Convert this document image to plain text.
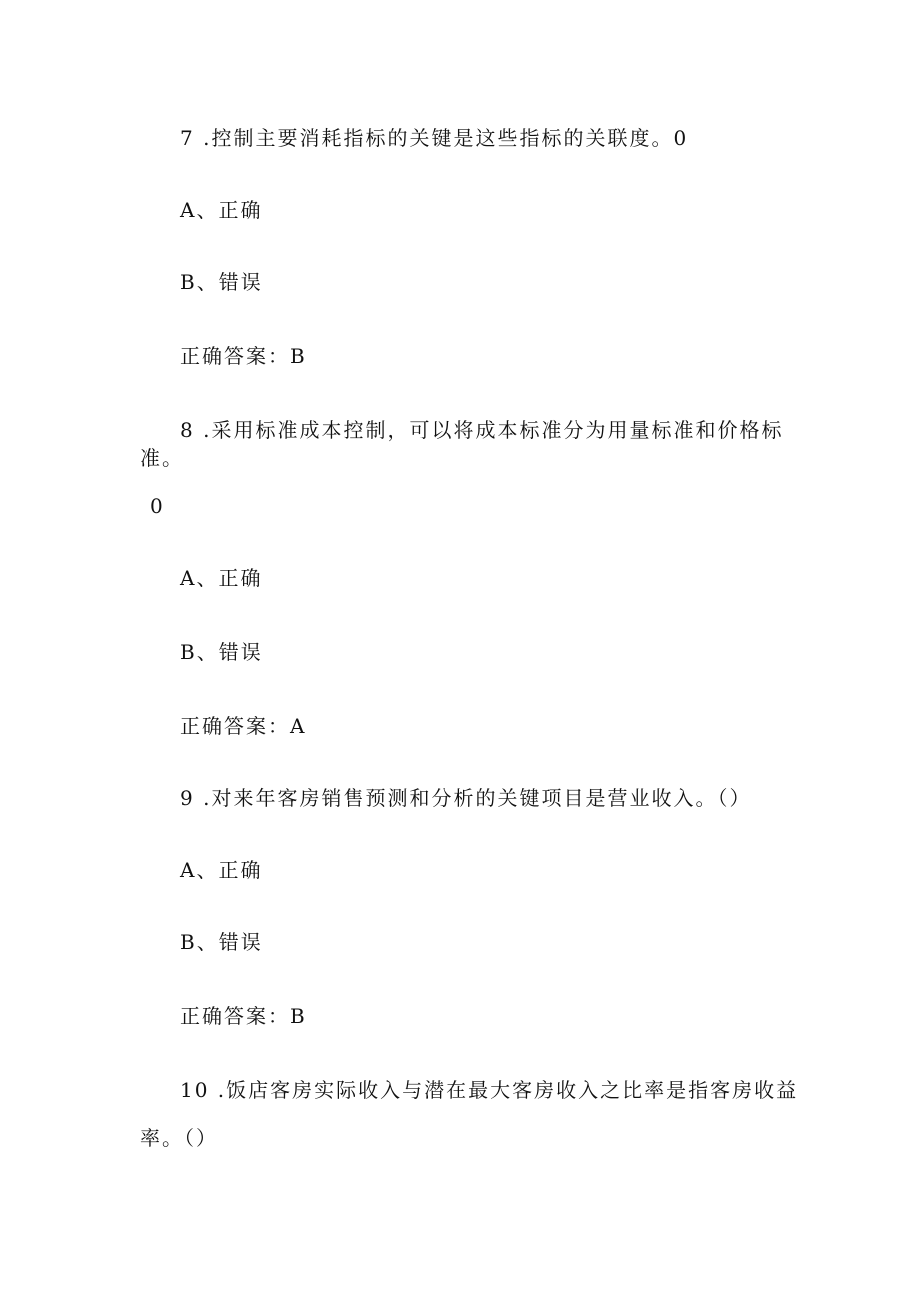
7 .控制主要消耗指标的关键是这些指标的关联度。0
A、正确
B、错误
正确答案：B
8 .采用标准成本控制，可以将成本标准分为用量标准和价格标
准。
0
A、正确
B、错误
正确答案：A
9 .对来年客房销售预测和分析的关键项目是营业收入。（）
A、正确
B、错误
正确答案：B
10 .饭店客房实际收入与潜在最大客房收入之比率是指客房收益
率。（）
